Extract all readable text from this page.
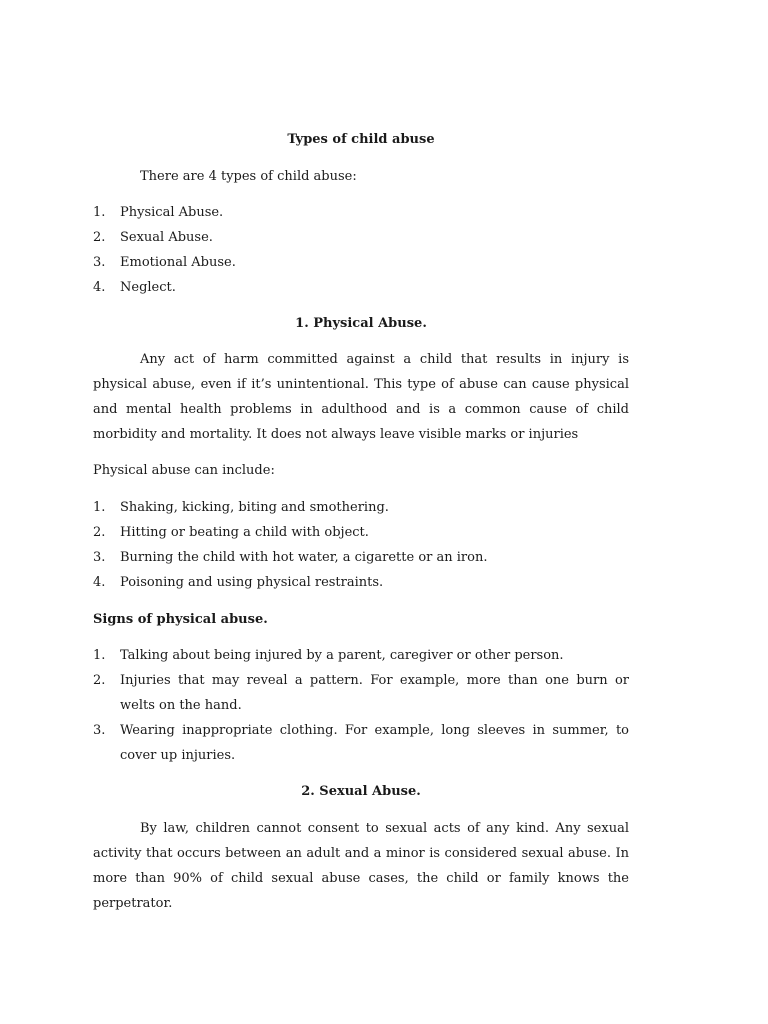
Types of child abuse

There are 4 types of child abuse:

1. Physical Abuse.
2. Sexual Abuse.
3. Emotional Abuse.
4. Neglect.

1. Physical Abuse.

Any act of harm committed against a child that results in injury is physical abuse, even if it’s unintentional. This type of abuse can cause physical and mental health problems in adulthood and is a common cause of child morbidity and mortality. It does not always leave visible marks or injuries

Physical abuse can include:

1. Shaking, kicking, biting and smothering.
2. Hitting or beating a child with object.
3. Burning the child with hot water, a cigarette or an iron.
4. Poisoning and using physical restraints.

Signs of physical abuse.

1. Talking about being injured by a parent, caregiver or other person.
2. Injuries that may reveal a pattern. For example, more than one burn or welts on the hand.
3. Wearing inappropriate clothing. For example, long sleeves in summer, to cover up injuries.

2. Sexual Abuse.

By law, children cannot consent to sexual acts of any kind. Any sexual activity that occurs between an adult and a minor is considered sexual abuse. In more than 90% of child sexual abuse cases, the child or family knows the perpetrator.
